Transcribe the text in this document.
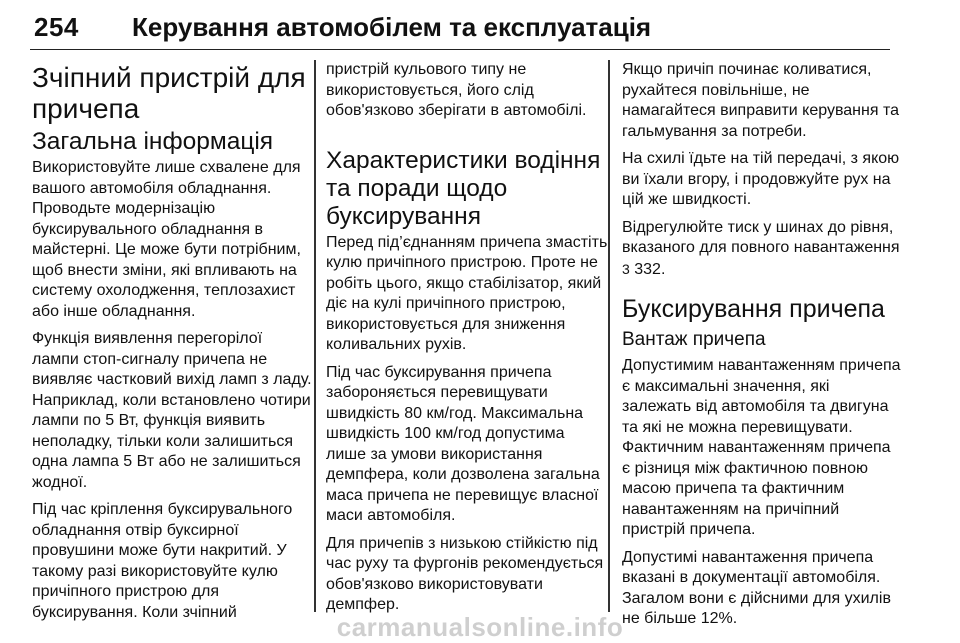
254 Керування автомобілем та експлуатація
Зчіпний пристрій для причепа
Загальна інформація

Використовуйте лише схвалене для вашого автомобіля обладнання. Проводьте модернізацію буксирувального обладнання в майстерні. Це може бути потрібним, щоб внести зміни, які впливають на систему охолодження, теплозахист або інше обладнання.

Функція виявлення перегорілої лампи стоп-сигналу причепа не виявляє частковий вихід ламп з ладу. Наприклад, коли встановлено чотири лампи по 5 Вт, функція виявить неполадку, тільки коли залишиться одна лампа 5 Вт або не залишиться жодної.

Під час кріплення буксирувального обладнання отвір буксирної провушини може бути накритий. У такому разі використовуйте кулю причіпного пристрою для буксирування. Коли зчіпний

пристрій кульового типу не використовується, його слід обов'язково зберігати в автомобілі.

Характеристики водіння та поради щодо буксирування

Перед під’єднанням причепа змастіть кулю причіпного пристрою. Проте не робіть цього, якщо стабілізатор, який діє на кулі причіпного пристрою, використовується для зниження коливальних рухів.

Під час буксирування причепа забороняється перевищувати швидкість 80 км/год. Максимальна швидкість 100 км/год допустима лише за умови використання демпфера, коли дозволена загальна маса причепа не перевищує власної маси автомобіля.

Для причепів з низькою стійкістю під час руху та фургонів рекомендується обов'язково використовувати демпфер.

Якщо причіп починає коливатися, рухайтеся повільніше, не намагайтеся виправити керування та гальмування за потреби.

На схилі їдьте на тій передачі, з якою ви їхали вгору, і продовжуйте рух на цій же швидкості.

Відрегулюйте тиск у шинах до рівня, вказаного для повного навантаження 3 332.

Буксирування причепа
Вантаж причепа

Допустимим навантаженням причепа є максимальні значення, які залежать від автомобіля та двигуна та які не можна перевищувати. Фактичним навантаженням причепа є різниця між фактичною повною масою причепа та фактичним навантаженням на причіпний пристрій причепа.

Допустимі навантаження причепа вказані в документації автомобіля. Загалом вони є дійсними для ухилів не більше 12%.

carmanualsonline.info
